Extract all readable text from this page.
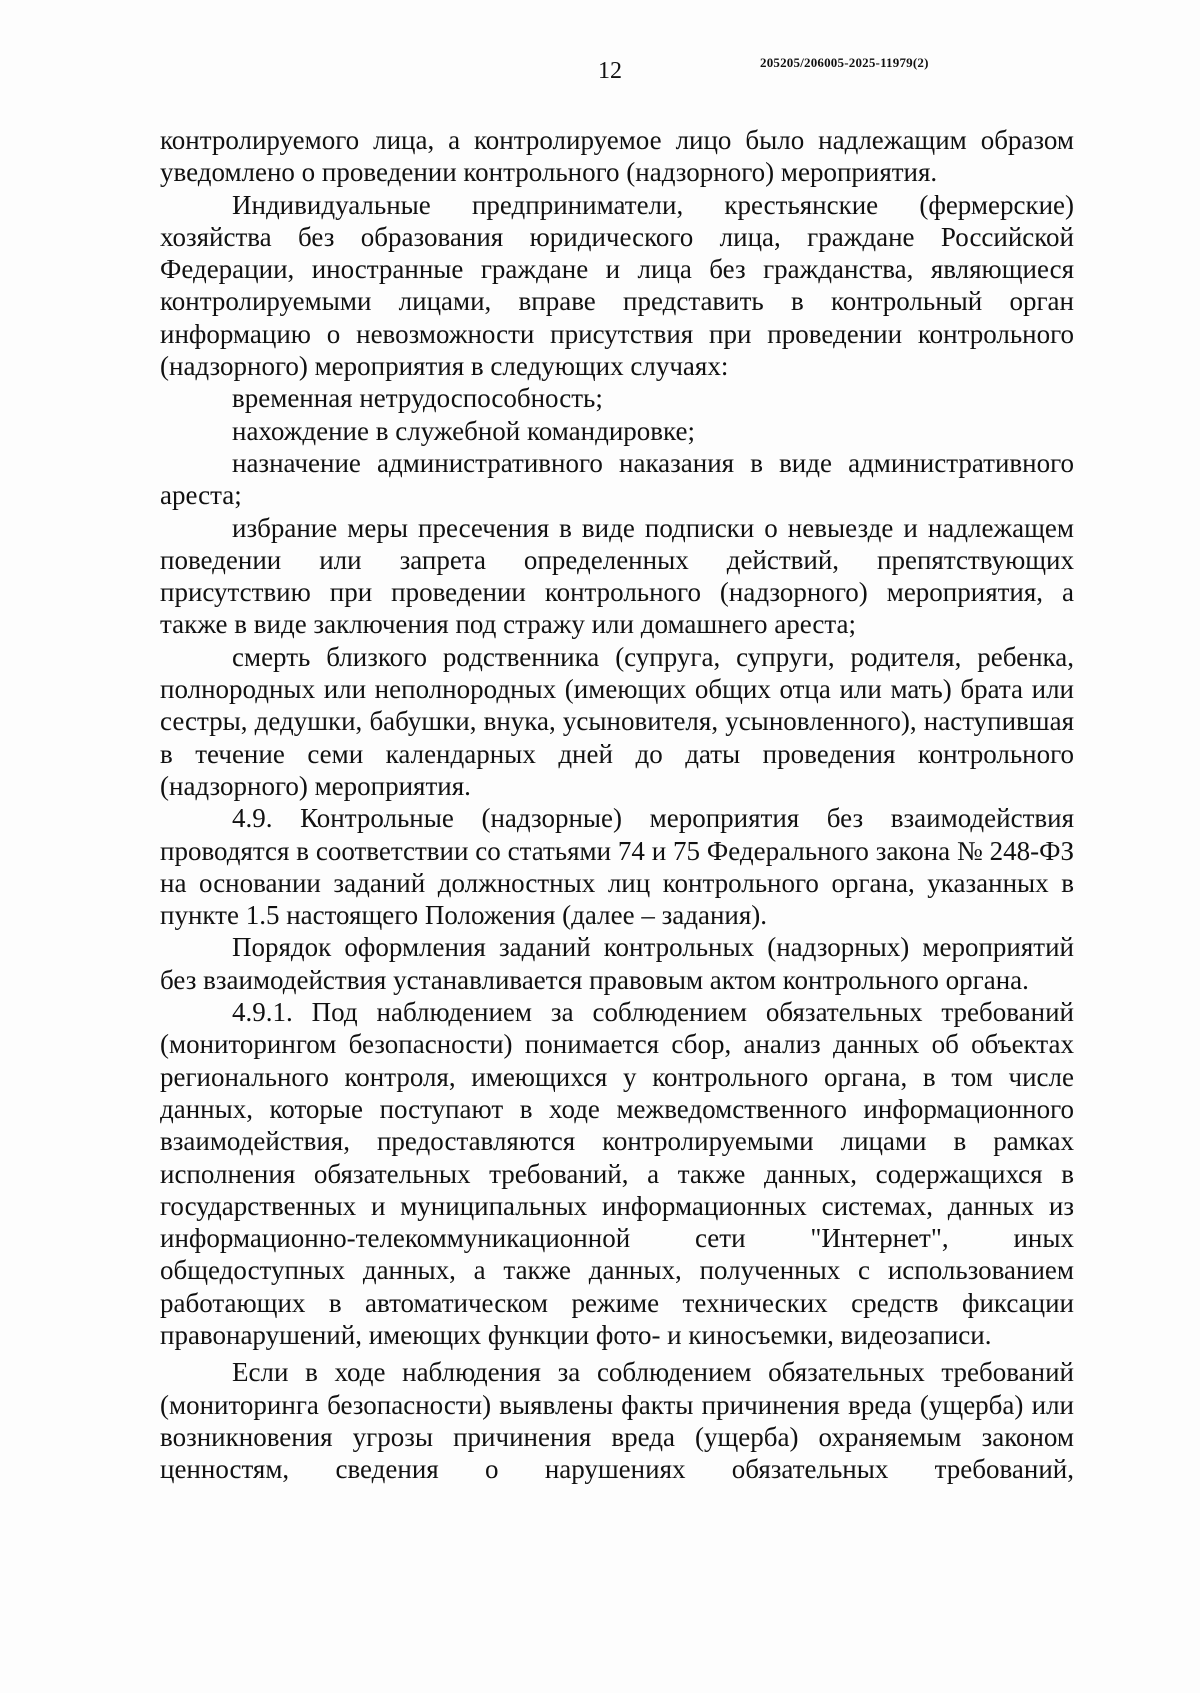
12	205205/206005-2025-11979(2)

контролируемого лица, а контролируемое лицо было надлежащим образом уведомлено о проведении контрольного (надзорного) мероприятия.

Индивидуальные предприниматели, крестьянские (фермерские) хозяйства без образования юридического лица, граждане Российской Федерации, иностранные граждане и лица без гражданства, являющиеся контролируемыми лицами, вправе представить в контрольный орган информацию о невозможности присутствия при проведении контрольного (надзорного) мероприятия в следующих случаях:

временная нетрудоспособность;

нахождение в служебной командировке;

назначение административного наказания в виде административного ареста;

избрание меры пресечения в виде подписки о невыезде и надлежащем поведении или запрета определенных действий, препятствующих присутствию при проведении контрольного (надзорного) мероприятия, а также в виде заключения под стражу или домашнего ареста;

смерть близкого родственника (супруга, супруги, родителя, ребенка, полнородных или неполнородных (имеющих общих отца или мать) брата или сестры, дедушки, бабушки, внука, усыновителя, усыновленного), наступившая в течение семи календарных дней до даты проведения контрольного (надзорного) мероприятия.

4.9. Контрольные (надзорные) мероприятия без взаимодействия проводятся в соответствии со статьями 74 и 75 Федерального закона № 248-ФЗ на основании заданий должностных лиц контрольного органа, указанных в пункте 1.5 настоящего Положения (далее – задания).

Порядок оформления заданий контрольных (надзорных) мероприятий без взаимодействия устанавливается правовым актом контрольного органа.

4.9.1. Под наблюдением за соблюдением обязательных требований (мониторингом безопасности) понимается сбор, анализ данных об объектах регионального контроля, имеющихся у контрольного органа, в том числе данных, которые поступают в ходе межведомственного информационного взаимодействия, предоставляются контролируемыми лицами в рамках исполнения обязательных требований, а также данных, содержащихся в государственных и муниципальных информационных системах, данных из информационно-телекоммуникационной сети "Интернет", иных общедоступных данных, а также данных, полученных с использованием работающих в автоматическом режиме технических средств фиксации правонарушений, имеющих функции фото- и киносъемки, видеозаписи.

Если в ходе наблюдения за соблюдением обязательных требований (мониторинга безопасности) выявлены факты причинения вреда (ущерба) или возникновения угрозы причинения вреда (ущерба) охраняемым законом ценностям, сведения о нарушениях обязательных требований,
